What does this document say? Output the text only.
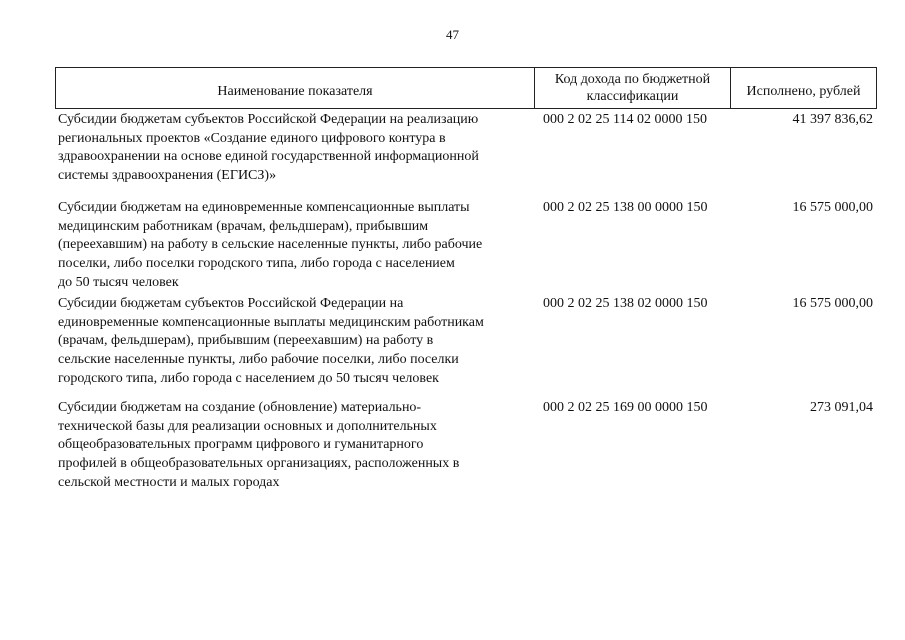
47
Наименование показателя
Код дохода по бюджетной классификации	Исполнено, рублей
Субсидии бюджетам субъектов Российской Федерации на реализацию
региональных проектов «Создание единого цифрового контура в
здравоохранении на основе единой государственной информационной
системы здравоохранения (ЕГИСЗ)»
000 2 02 25 114 02 0000 150	41 397 836,62
Субсидии бюджетам на единовременные компенсационные выплаты
медицинским работникам (врачам, фельдшерам), прибывшим
(переехавшим) на работу в сельские населенные пункты, либо рабочие
поселки, либо поселки городского типа, либо города с населением
до 50 тысяч человек
000 2 02 25 138 00 0000 150	16 575 000,00
Субсидии бюджетам субъектов Российской Федерации на
единовременные компенсационные выплаты медицинским работникам
(врачам, фельдшерам), прибывшим (переехавшим) на работу в
сельские населенные пункты, либо рабочие поселки, либо поселки
городского типа, либо города с населением до 50 тысяч человек
000 2 02 25 138 02 0000 150	16 575 000,00
Субсидии бюджетам на создание (обновление) материально-
технической базы для реализации основных и дополнительных
общеобразовательных программ цифрового и гуманитарного
профилей в общеобразовательных организациях, расположенных в
сельской местности и малых городах
000 2 02 25 169 00 0000 150	273 091,04
